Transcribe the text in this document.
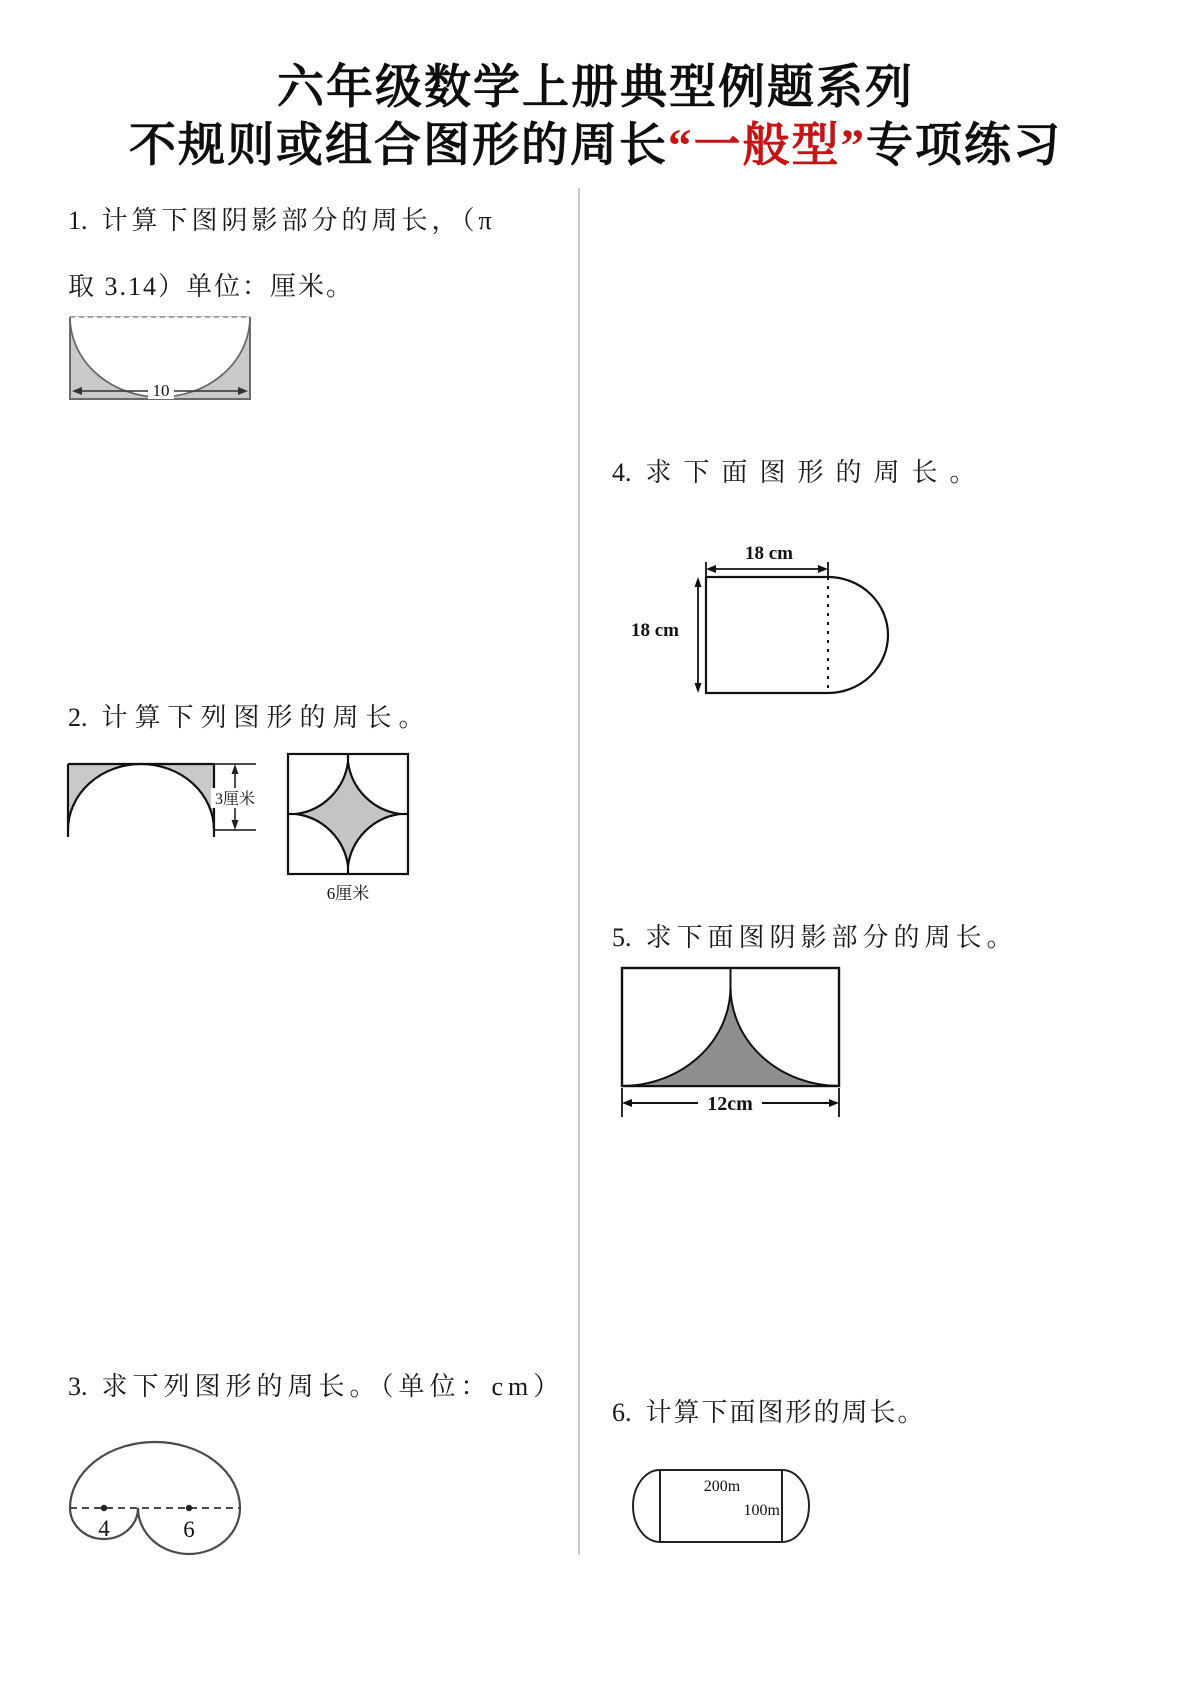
六年级数学上册典型例题系列
不规则或组合图形的周长“一般型”专项练习
1. 计算下图阴影部分的周长，（π
取 3.14）单位：厘米。
10
2. 计算下列图形的周长。
3厘米
6厘米
3. 求下列图形的周长。（单位：cm）
4	6
4. 求下面图形的周长。
18 cm
18 cm
5. 求下面图阴影部分的周长。
12cm
6. 计算下面图形的周长。
200m
100m
